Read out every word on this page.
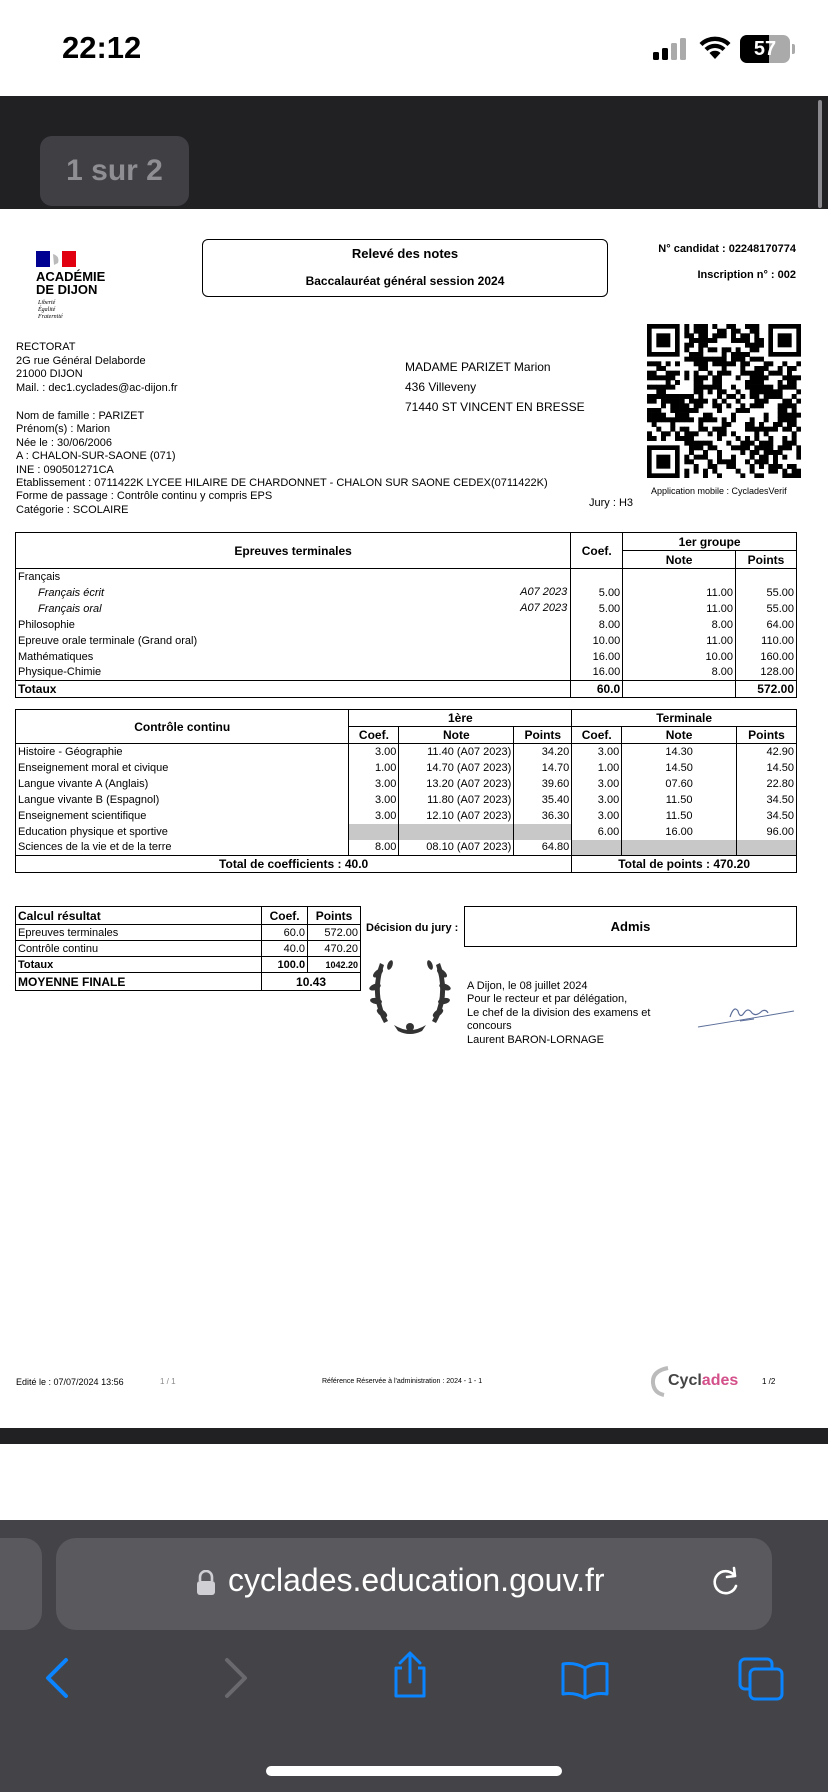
22:12	57
1 sur 2
ACADÉMIE
DE DIJON
Liberté
Égalité
Fraternité
Relevé des notes
Baccalauréat général session 2024
N° candidat : 02248170774
Inscription n° : 002
Application mobile : CycladesVerif
RECTORAT
2G rue Général Delaborde
21000 DIJON
Mail. : dec1.cyclades@ac-dijon.fr
MADAME PARIZET Marion
436 Villeveny
71440 ST VINCENT EN BRESSE
Nom de famille : PARIZET
Prénom(s) : Marion
Née le : 30/06/2006
A : CHALON-SUR-SAONE (071)
INE : 090501271CA
Etablissement : 0711422K LYCEE HILAIRE DE CHARDONNET - CHALON SUR SAONE CEDEX(0711422K)
Forme de passage : Contrôle continu y compris EPS
Catégorie : SCOLAIRE
Jury : H3
Epreuves terminales	Coef.	1er groupe	
		Note	Points
Français

Français écrit A07 2023	5.00	11.00	55.00
Français oral A07 2023	5.00	11.00	55.00
Philosophie	8.00	8.00	64.00
Epreuve orale terminale (Grand oral)	10.00	11.00	110.00
Mathématiques	16.00	10.00	160.00
Physique-Chimie	16.00	8.00	128.00
Totaux	60.0		572.00
Contrôle continu	1ère			Terminale		
	Coef.	Note	Points	Coef.	Note	Points
Histoire - Géographie	3.00	11.40 (A07 2023)	34.20	3.00	14.30	42.90
Enseignement moral et civique	1.00	14.70 (A07 2023)	14.70	1.00	14.50	14.50
Langue vivante A (Anglais)	3.00	13.20 (A07 2023)	39.60	3.00	07.60	22.80
Langue vivante B (Espagnol)	3.00	11.80 (A07 2023)	35.40	3.00	11.50	34.50
Enseignement scientifique	3.00	12.10 (A07 2023)	36.30	3.00	11.50	34.50
Education physique et sportive				6.00	16.00	96.00
Sciences de la vie et de la terre	8.00	08.10 (A07 2023)	64.80			
Total de coefficients : 40.0				Total de points : 470.20		
Calcul résultat	Coef.	Points
Epreuves terminales	60.0	572.00
Contrôle continu	40.0	470.20
Totaux	100.0	1042.20
MOYENNE FINALE	10.43	
Décision du jury :	Admis
A Dijon, le 08 juillet 2024
Pour le recteur et par délégation,
Le chef de la division des examens et
concours
Laurent BARON-LORNAGE
Edité le : 07/07/2024 13:56	1 / 1	Référence Réservée à l'administration : 2024 - 1 - 1	Cyclades	1 /2
cyclades.education.gouv.fr
